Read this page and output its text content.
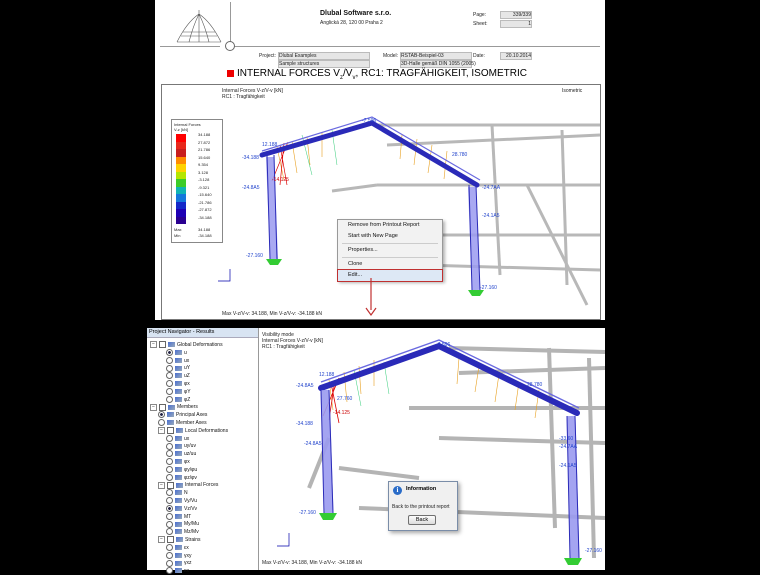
Dlubal Software s.r.o.
Anglická 28, 120 00 Praha 2
Page:	339/339
Sheet:	1
Project: Dlubal Examples
Sample structures
Model: RSTAB-Beispiel-03
3D-Halle gemäß DIN 1055 (2005)
Date:	20.10.2014
INTERNAL FORCES $V_z/V_v$, RC1: TRAGFÄHIGKEIT, ISOMETRIC
Internal Forces V-z/V-v [kN]
RC1 : Tragfähigkeit
Isometric
-7.596
-34.188
-24.8A5
-27.160
12.188
-14.125
28.780
-24.7AA
-24.1A5
-27.160
Internal Forces
V-z [kN]
34.188
27.872
21.786
15.640
9.354
3.128
-3.128
-9.321
-15.640
-21.786
-27.872
-34.188
Max	34.188
Min	-34.188
Max V-z/V-v: 34.188, Min V-z/V-v: -34.188 kN
Remove from Printout Report
Start with New Page
Properties...
Clone
Edit...
Project Navigator - Results
−	Global Deformations
u
ux
uY
uZ
φx
φY
φZ
−	Members
Principal Axes
Member Axes
−	Local Deformations
ux
uy/uv
uz/uu
φx
φy/φu
φz/φv
−	Internal Forces
N
Vy/Vu
Vz/Vv
MT
My/Mu
Mz/Mv
−	Strains
εx
γxy
γxz
κx
Visibility mode
Internal Forces V-z/V-v [kN]
RC1 : Tragfähigkeit	-7.596
-24.8A5
-34.188
-24.8A5
-27.160
28.780
-33.60
-24.7AA
-24.1A5
-27.160
12.188
-14.125
27.760
i	Information
Back to the printout report
Back
Max V-z/V-v: 34.188, Min V-z/V-v: -34.188 kN
